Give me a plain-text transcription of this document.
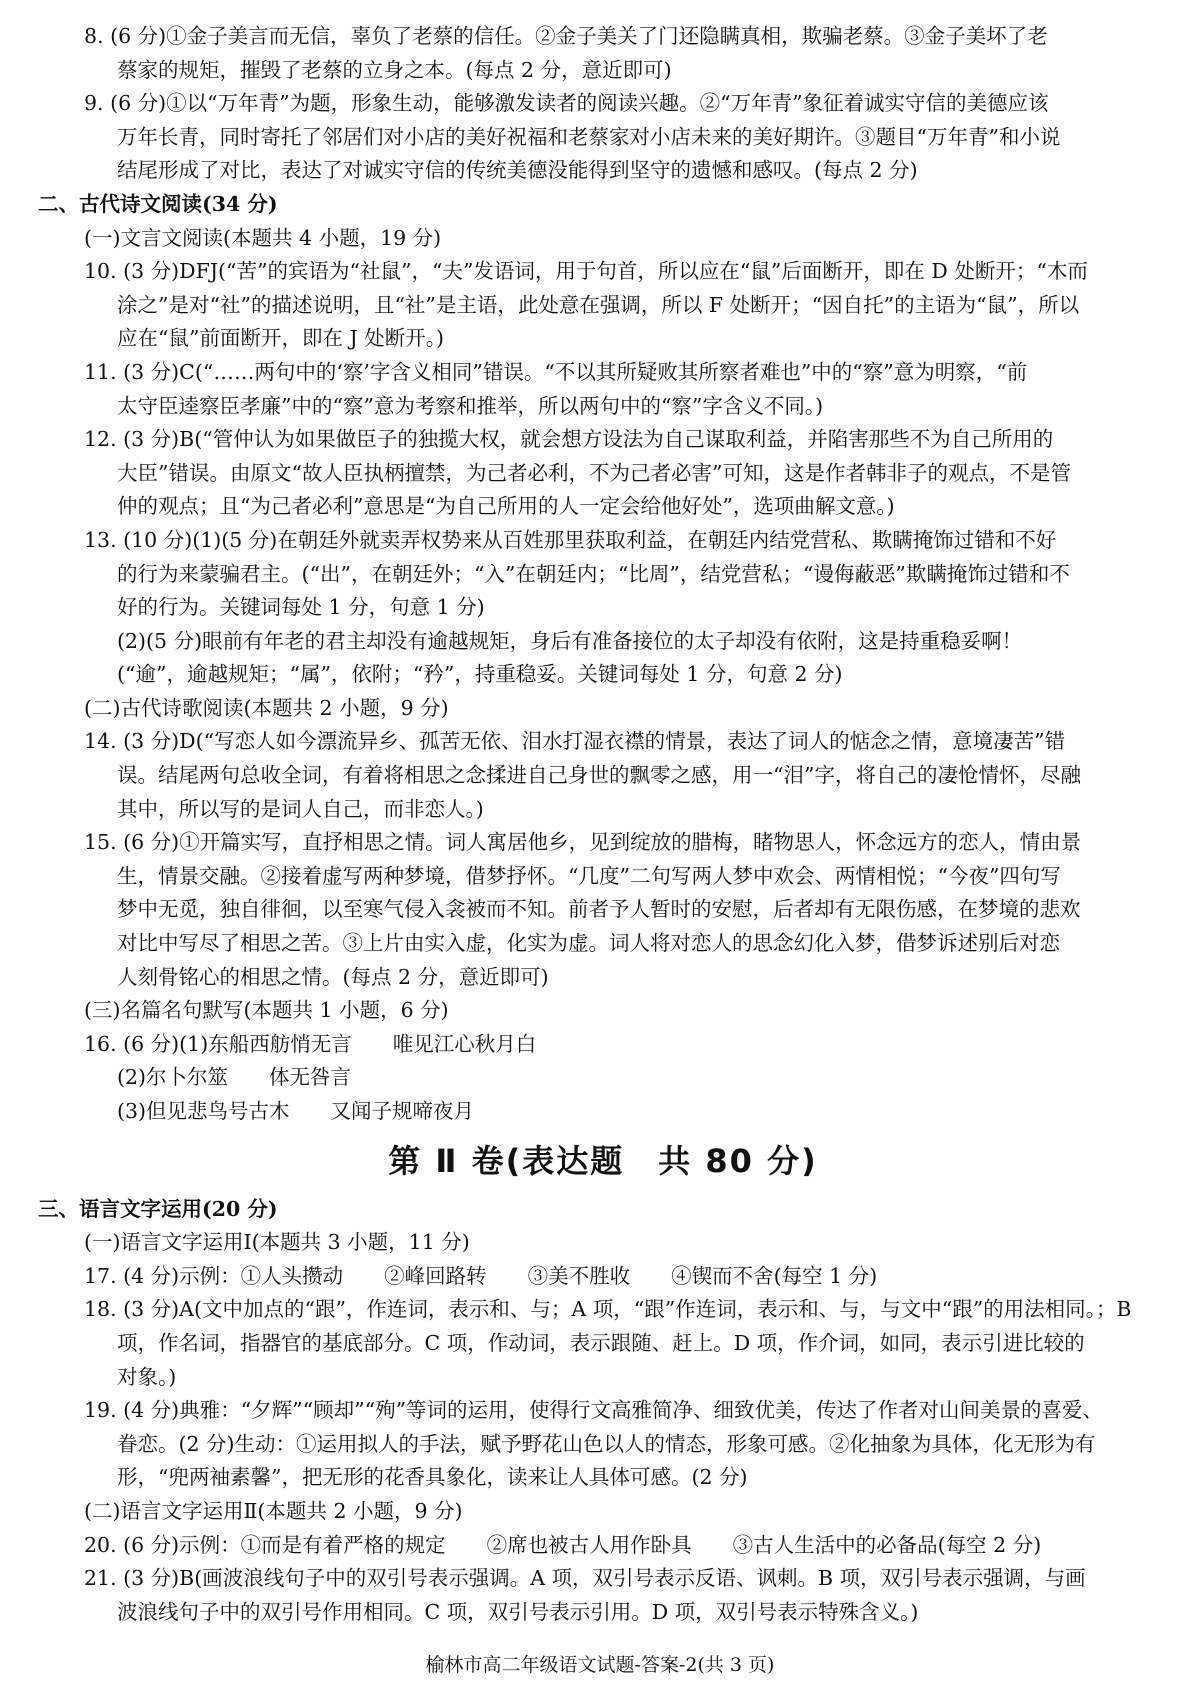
8. (6 分)①金子美言而无信，辜负了老蔡的信任。②金子美关了门还隐瞒真相，欺骗老蔡。③金子美坏了老
蔡家的规矩，摧毁了老蔡的立身之本。(每点 2 分，意近即可)
9. (6 分)①以“万年青”为题，形象生动，能够激发读者的阅读兴趣。②“万年青”象征着诚实守信的美德应该
万年长青，同时寄托了邻居们对小店的美好祝福和老蔡家对小店未来的美好期许。③题目“万年青”和小说
结尾形成了对比，表达了对诚实守信的传统美德没能得到坚守的遗憾和感叹。(每点 2 分)
二、古代诗文阅读(34 分)
(一)文言文阅读(本题共 4 小题，19 分)
10. (3 分)DFJ(“苦”的宾语为“社鼠”，“夫”发语词，用于句首，所以应在“鼠”后面断开，即在 D 处断开；“木而
涂之”是对“社”的描述说明，且“社”是主语，此处意在强调，所以 F 处断开；“因自托”的主语为“鼠”，所以
应在“鼠”前面断开，即在 J 处断开。)
11. (3 分)C(“……两句中的‘察’字含义相同”错误。“不以其所疑败其所察者难也”中的“察”意为明察，“前
太守臣逵察臣孝廉”中的“察”意为考察和推举，所以两句中的“察”字含义不同。)
12. (3 分)B(“管仲认为如果做臣子的独揽大权，就会想方设法为自己谋取利益，并陷害那些不为自己所用的
大臣”错误。由原文“故人臣执柄擅禁，为己者必利，不为己者必害”可知，这是作者韩非子的观点，不是管
仲的观点；且“为己者必利”意思是“为自己所用的人一定会给他好处”，选项曲解文意。)
13. (10 分)(1)(5 分)在朝廷外就卖弄权势来从百姓那里获取利益，在朝廷内结党营私、欺瞒掩饰过错和不好
的行为来蒙骗君主。(“出”，在朝廷外；“入”在朝廷内；“比周”，结党营私；“谩侮蔽恶”欺瞒掩饰过错和不
好的行为。关键词每处 1 分，句意 1 分)
(2)(5 分)眼前有年老的君主却没有逾越规矩，身后有准备接位的太子却没有依附，这是持重稳妥啊！
(“逾”，逾越规矩；“属”，依附；“矜”，持重稳妥。关键词每处 1 分，句意 2 分)
(二)古代诗歌阅读(本题共 2 小题，9 分)
14. (3 分)D(“写恋人如今漂流异乡、孤苦无依、泪水打湿衣襟的情景，表达了词人的惦念之情，意境凄苦”错
误。结尾两句总收全词，有着将相思之念揉进自己身世的飘零之感，用一“泪”字，将自己的凄怆情怀，尽融
其中，所以写的是词人自己，而非恋人。)
15. (6 分)①开篇实写，直抒相思之情。词人寓居他乡，见到绽放的腊梅，睹物思人，怀念远方的恋人，情由景
生，情景交融。②接着虚写两种梦境，借梦抒怀。“几度”二句写两人梦中欢会、两情相悦；“今夜”四句写
梦中无觅，独自徘徊，以至寒气侵入衾被而不知。前者予人暂时的安慰，后者却有无限伤感，在梦境的悲欢
对比中写尽了相思之苦。③上片由实入虚，化实为虚。词人将对恋人的思念幻化入梦，借梦诉述别后对恋
人刻骨铭心的相思之情。(每点 2 分，意近即可)
(三)名篇名句默写(本题共 1 小题，6 分)
16. (6 分)(1)东船西舫悄无言　　唯见江心秋月白
(2)尔卜尔筮　　体无咎言
(3)但见悲鸟号古木　　又闻子规啼夜月
第 Ⅱ 卷(表达题　共 80 分)
三、语言文字运用(20 分)
(一)语言文字运用Ⅰ(本题共 3 小题，11 分)
17. (4 分)示例：①人头攒动　　②峰回路转　　③美不胜收　　④锲而不舍(每空 1 分)
18. (3 分)A(文中加点的“跟”，作连词，表示和、与；A 项，“跟”作连词，表示和、与，与文中“跟”的用法相同。；B
项，作名词，指器官的基底部分。C 项，作动词，表示跟随、赶上。D 项，作介词，如同，表示引进比较的
对象。)
19. (4 分)典雅：“夕辉”“顾却”“殉”等词的运用，使得行文高雅简净、细致优美，传达了作者对山间美景的喜爱、
眷恋。(2 分)生动：①运用拟人的手法，赋予野花山色以人的情态，形象可感。②化抽象为具体，化无形为有
形，“兜两袖素馨”，把无形的花香具象化，读来让人具体可感。(2 分)
(二)语言文字运用Ⅱ(本题共 2 小题，9 分)
20. (6 分)示例：①而是有着严格的规定　　②席也被古人用作卧具　　③古人生活中的必备品(每空 2 分)
21. (3 分)B(画波浪线句子中的双引号表示强调。A 项，双引号表示反语、讽刺。B 项，双引号表示强调，与画
波浪线句子中的双引号作用相同。C 项，双引号表示引用。D 项，双引号表示特殊含义。)
榆林市高二年级语文试题-答案-2(共 3 页)
